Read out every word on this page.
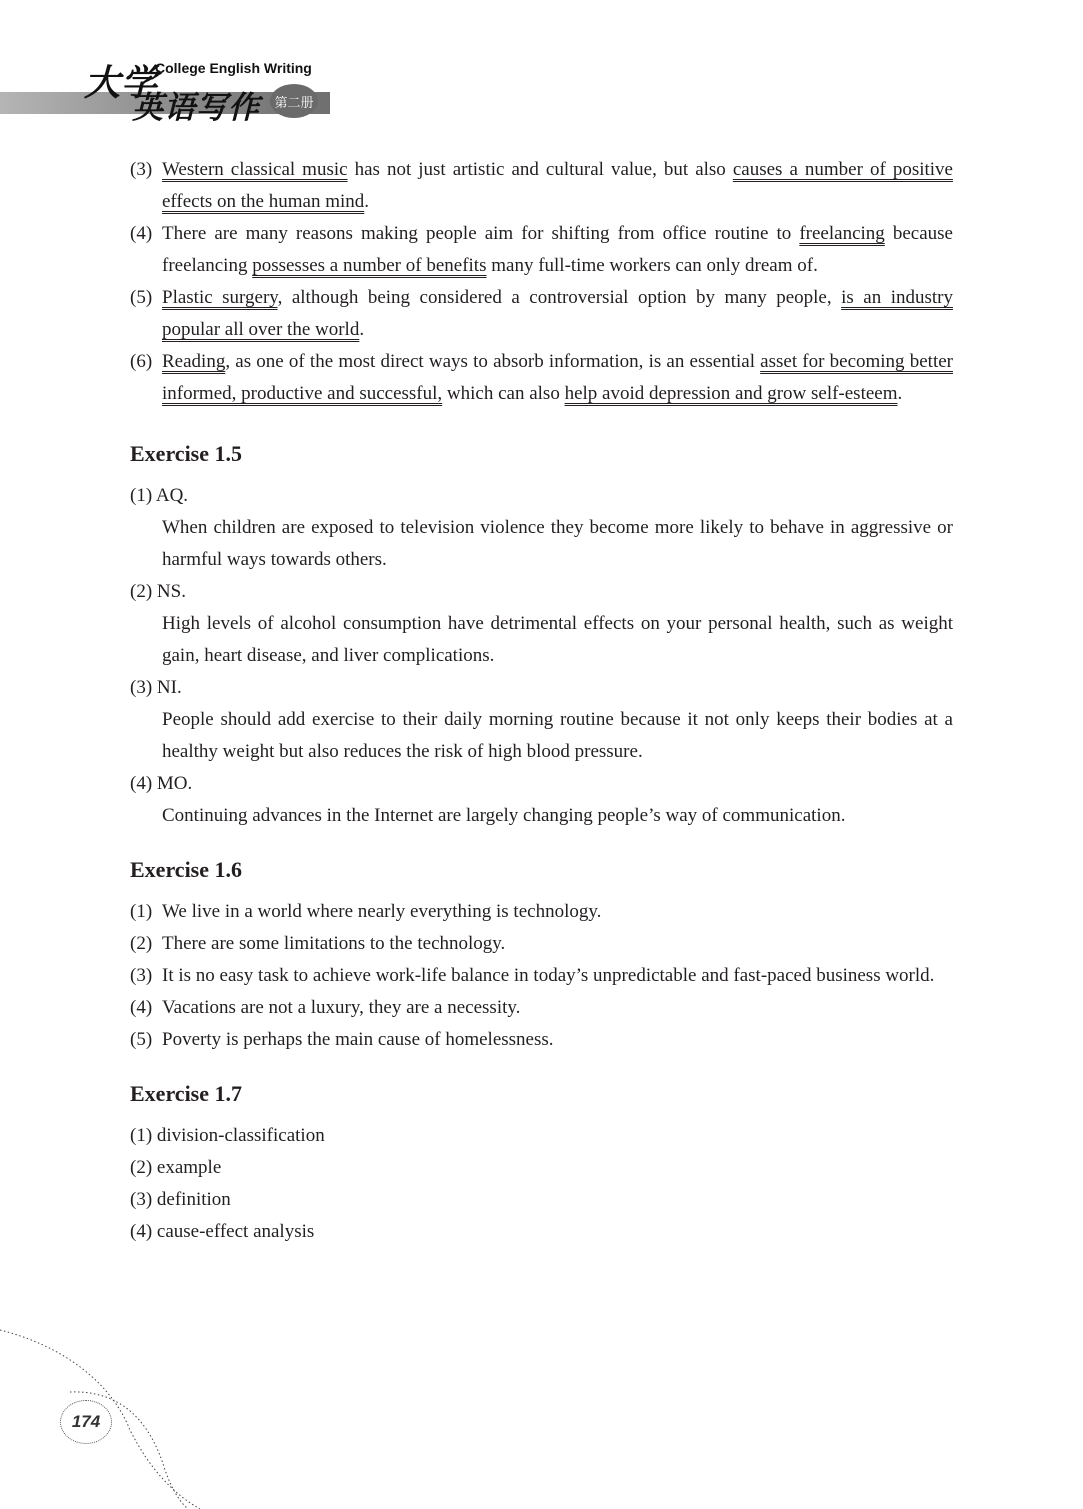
大学
College English Writing
英语写作	第二册
(3) Western classical music has not just artistic and cultural value, but also causes a number of positive effects on the human mind.
(4) There are many reasons making people aim for shifting from office routine to freelancing because freelancing possesses a number of benefits many full-time workers can only dream of.
(5) Plastic surgery, although being considered a controversial option by many people, is an industry popular all over the world.
(6) Reading, as one of the most direct ways to absorb information, is an essential asset for becoming better informed, productive and successful, which can also help avoid depression and grow self-esteem.
Exercise 1.5
(1) AQ.
When children are exposed to television violence they become more likely to behave in aggressive or harmful ways towards others.
(2) NS.
High levels of alcohol consumption have detrimental effects on your personal health, such as weight gain, heart disease, and liver complications.
(3) NI.
People should add exercise to their daily morning routine because it not only keeps their bodies at a healthy weight but also reduces the risk of high blood pressure.
(4) MO.
Continuing advances in the Internet are largely changing people’s way of communication.
Exercise 1.6
(1) We live in a world where nearly everything is technology.
(2) There are some limitations to the technology.
(3) It is no easy task to achieve work-life balance in today’s unpredictable and fast-paced business world.
(4) Vacations are not a luxury, they are a necessity.
(5) Poverty is perhaps the main cause of homelessness.
Exercise 1.7
(1) division-classification
(2) example
(3) definition
(4) cause-effect analysis
174
